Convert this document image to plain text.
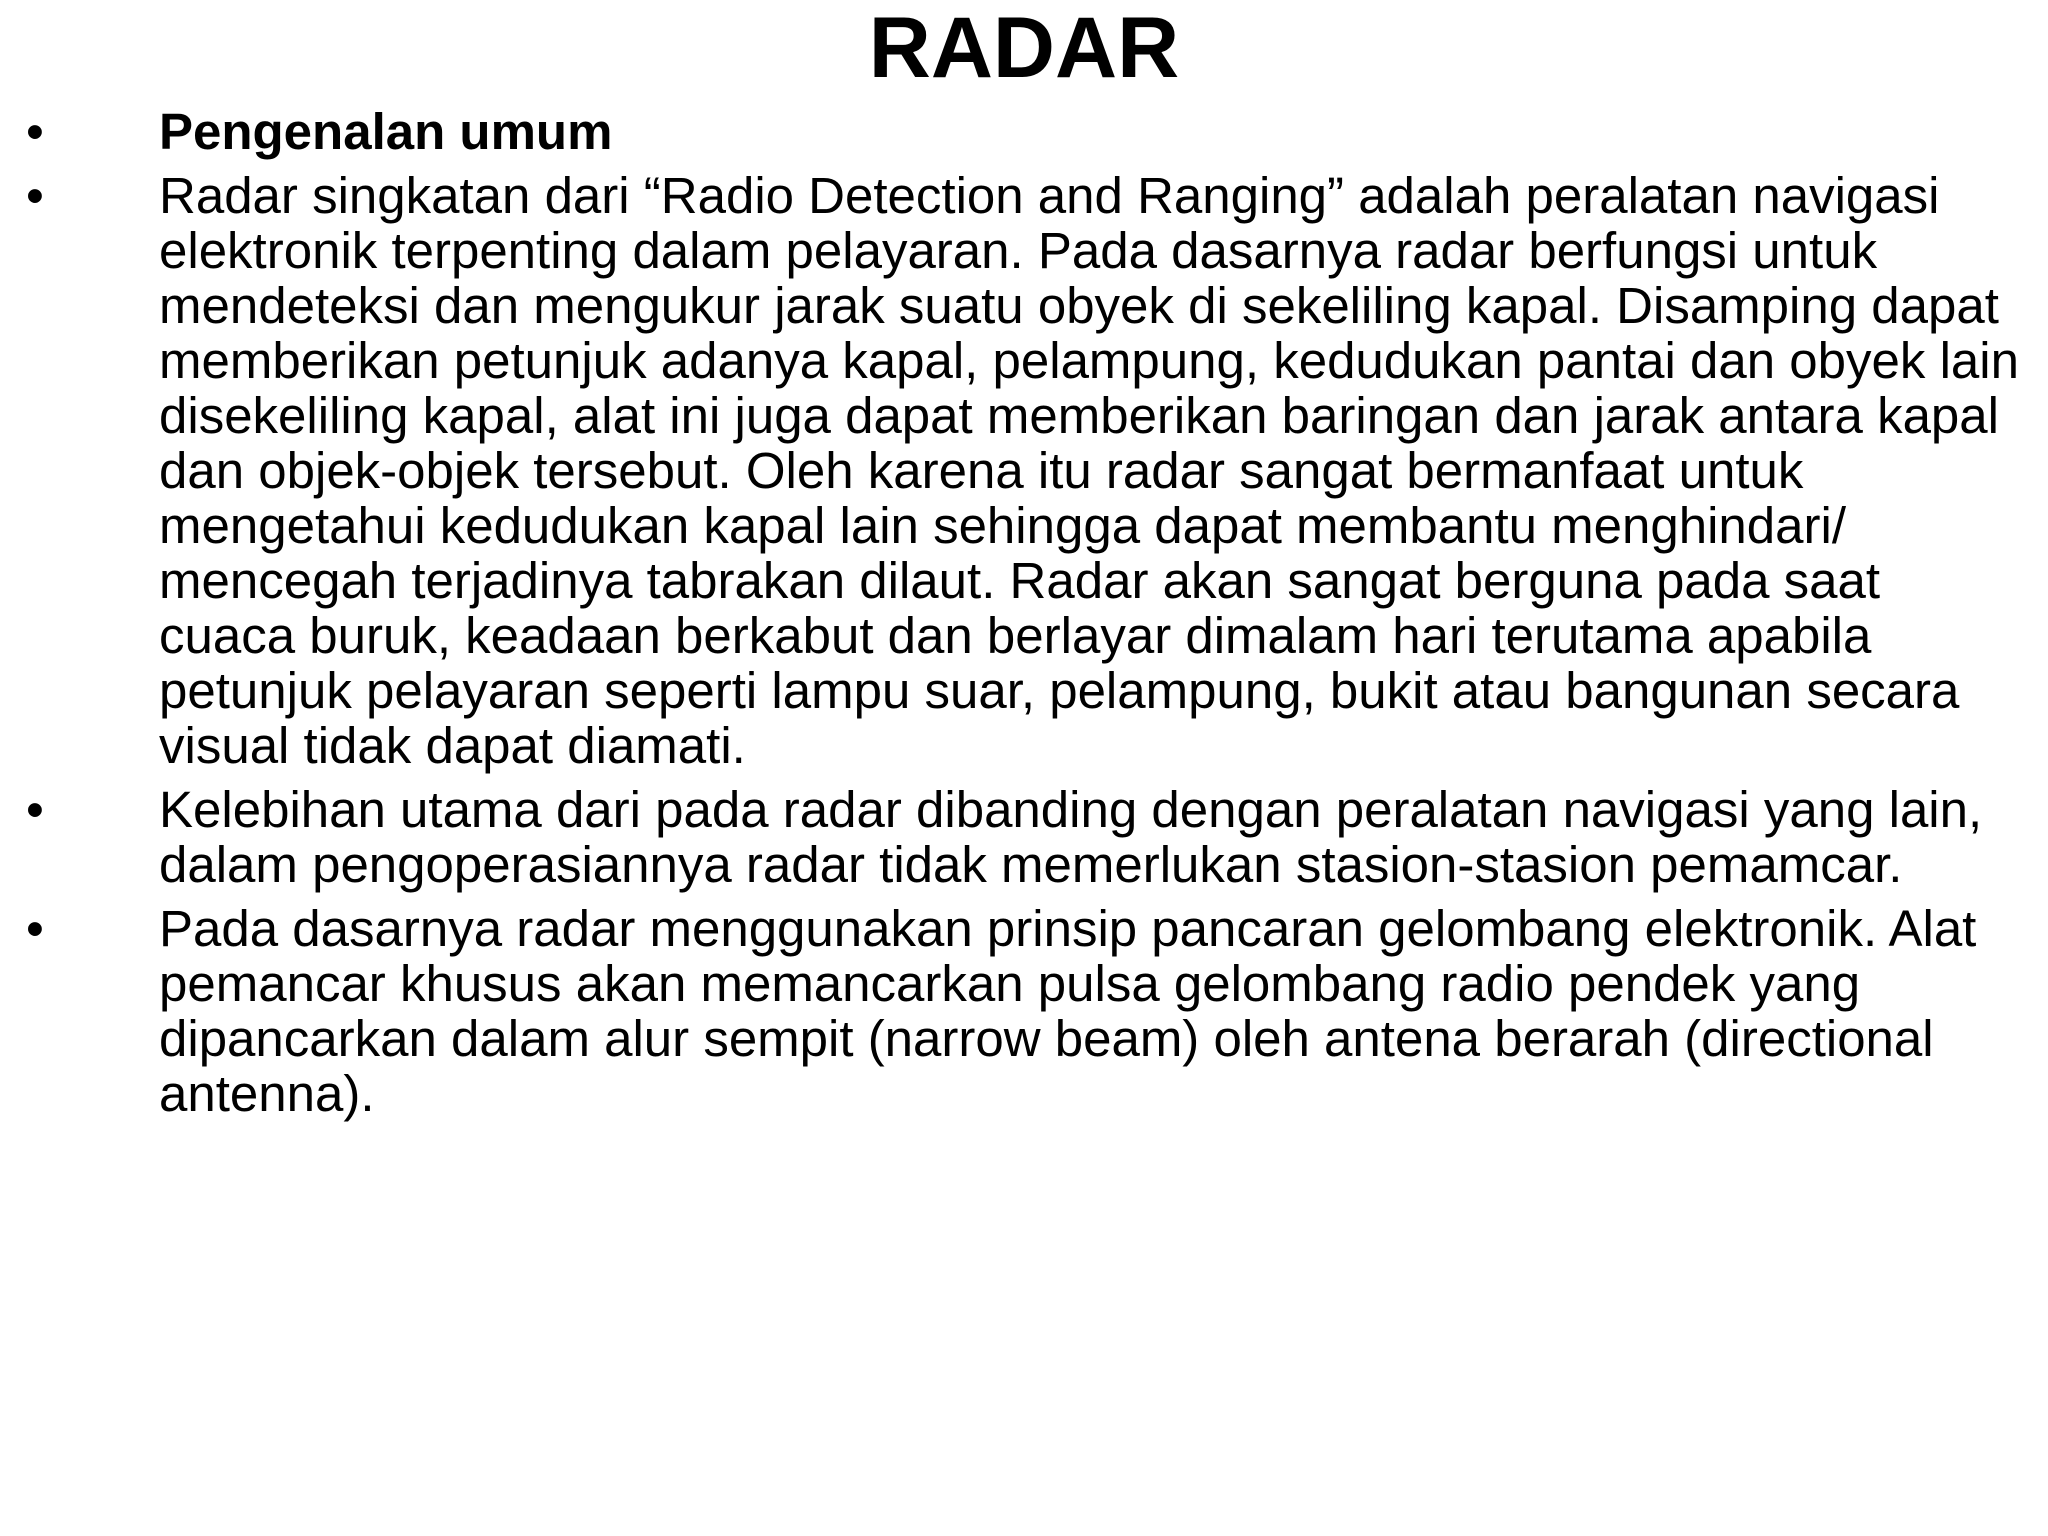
RADAR
• Pengenalan umum
• Radar singkatan dari “Radio Detection and Ranging” adalah peralatan navigasi elektronik terpenting dalam pelayaran. Pada dasarnya radar berfungsi untuk mendeteksi dan mengukur jarak suatu obyek di sekeliling kapal. Disamping dapat memberikan petunjuk adanya kapal, pelampung, kedudukan pantai dan obyek lain disekeliling kapal, alat ini juga dapat memberikan baringan dan jarak antara kapal dan objek-objek tersebut. Oleh karena itu radar sangat bermanfaat untuk mengetahui kedudukan kapal lain sehingga dapat membantu menghindari/ mencegah terjadinya tabrakan dilaut. Radar akan sangat berguna pada saat cuaca buruk, keadaan berkabut dan berlayar dimalam hari terutama apabila petunjuk pelayaran seperti lampu suar, pelampung, bukit atau bangunan secara visual tidak dapat diamati.
• Kelebihan utama dari pada radar dibanding dengan peralatan navigasi yang lain, dalam pengoperasiannya radar tidak memerlukan stasion-stasion pemamcar.
• Pada dasarnya radar menggunakan prinsip pancaran gelombang elektronik. Alat pemancar khusus akan memancarkan pulsa gelombang radio pendek yang dipancarkan dalam alur sempit (narrow beam) oleh antena berarah (directional antenna).
